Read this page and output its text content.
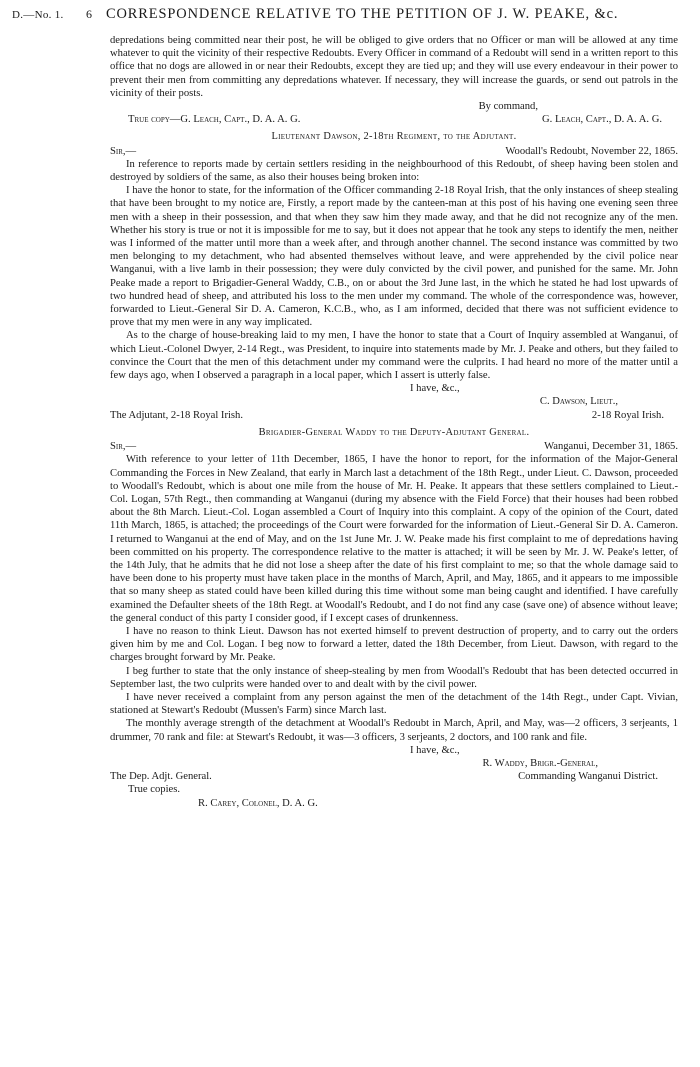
D.—No. 1.	6 CORRESPONDENCE RELATIVE TO THE PETITION OF J. W. PEAKE, &c.

depredations being committed near their post, he will be obliged to give orders that no Officer or man will be allowed at any time whatever to quit the vicinity of their respective Redoubts. Every Officer in command of a Redoubt will send in a written report to this office that no dogs are allowed in or near their Redoubts, except they are tied up; and they will use every endeavour in their power to prevent their men from committing any depredations whatever. If necessary, they will increase the guards, or send out patrols in the vicinity of their posts.

By command,
True copy—G. Leach, Capt., D. A. A. G.	G. Leach, Capt., D. A. A. G.
Lieutenant Dawson, 2-18th Regiment, to the Adjutant.
Sir,—	Woodall's Redoubt, November 22, 1865.

In reference to reports made by certain settlers residing in the neighbourhood of this Redoubt, of sheep having been stolen and destroyed by soldiers of the same, as also their houses being broken into:

I have the honor to state, for the information of the Officer commanding 2-18 Royal Irish, that the only instances of sheep stealing that have been brought to my notice are, Firstly, a report made by the canteen-man at this post of his having one evening seen three men with a sheep in their possession, and that when they saw him they made away, and that he did not recognize any of the men. Whether his story is true or not it is impossible for me to say, but it does not appear that he took any steps to identify the men, neither was I informed of the matter until more than a week after, and through another channel. The second instance was committed by two men belonging to my detachment, who had absented themselves without leave, and were apprehended by the civil police near Wanganui, with a live lamb in their possession; they were duly convicted by the civil power, and punished for the same. Mr. John Peake made a report to Brigadier-General Waddy, C.B., on or about the 3rd June last, in the which he stated he had lost upwards of two hundred head of sheep, and attributed his loss to the men under my command. The whole of the correspondence was, however, forwarded to Lieut.-General Sir D. A. Cameron, K.C.B., who, as I am informed, decided that there was not sufficient evidence to prove that my men were in any way implicated.

As to the charge of house-breaking laid to my men, I have the honor to state that a Court of Inquiry assembled at Wanganui, of which Lieut.-Colonel Dwyer, 2-14 Regt., was President, to inquire into statements made by Mr. J. Peake and others, but they failed to convince the Court that the men of this detachment under my command were the culprits. I had heard no more of the matter until a few days ago, when I observed a paragraph in a local paper, which I assert is utterly false.

I have, &c.,
C. Dawson, Lieut.,
The Adjutant, 2-18 Royal Irish.	2-18 Royal Irish.
Brigadier-General Waddy to the Deputy-Adjutant General.
Sir,—	Wanganui, December 31, 1865.

With reference to your letter of 11th December, 1865, I have the honor to report, for the information of the Major-General Commanding the Forces in New Zealand, that early in March last a detachment of the 18th Regt., under Lieut. C. Dawson, proceeded to Woodall's Redoubt, which is about one mile from the house of Mr. H. Peake. It appears that these settlers complained to Lieut.-Col. Logan, 57th Regt., then commanding at Wanganui (during my absence with the Field Force) that their houses had been robbed about the 8th March. Lieut.-Col. Logan assembled a Court of Inquiry into this complaint. A copy of the opinion of the Court, dated 11th March, 1865, is attached; the proceedings of the Court were forwarded for the information of Lieut.-General Sir D. A. Cameron. I returned to Wanganui at the end of May, and on the 1st June Mr. J. W. Peake made his first complaint to me of depredations having been committed on his property. The correspondence relative to the matter is attached; it will be seen by Mr. J. W. Peake's letter, of the 14th July, that he admits that he did not lose a sheep after the date of his first complaint to me; so that the whole damage said to have been done to his property must have taken place in the months of March, April, and May, 1865, and it appears to me impossible that so many sheep as stated could have been killed during this time without some man being caught and identified. I have carefully examined the Defaulter sheets of the 18th Regt. at Woodall's Redoubt, and I do not find any case (save one) of absence without leave; the general conduct of this party I consider good, if I except cases of drunkenness.

I have no reason to think Lieut. Dawson has not exerted himself to prevent destruction of property, and to carry out the orders given him by me and Col. Logan. I beg now to forward a letter, dated the 18th December, from Lieut. Dawson, with regard to the charges brought forward by Mr. Peake.

I beg further to state that the only instance of sheep-stealing by men from Woodall's Redoubt that has been detected occurred in September last, the two culprits were handed over to and dealt with by the civil power.

I have never received a complaint from any person against the men of the detachment of the 14th Regt., under Capt. Vivian, stationed at Stewart's Redoubt (Mussen's Farm) since March last.

The monthly average strength of the detachment at Woodall's Redoubt in March, April, and May, was—2 officers, 3 serjeants, 1 drummer, 70 rank and file: at Stewart's Redoubt, it was—3 officers, 3 serjeants, 2 doctors, and 100 rank and file.

I have, &c.,
R. Waddy, Brigr.-General,
The Dep. Adjt. General.	Commanding Wanganui District.
True copies.
R. Carey, Colonel, D. A. G.
